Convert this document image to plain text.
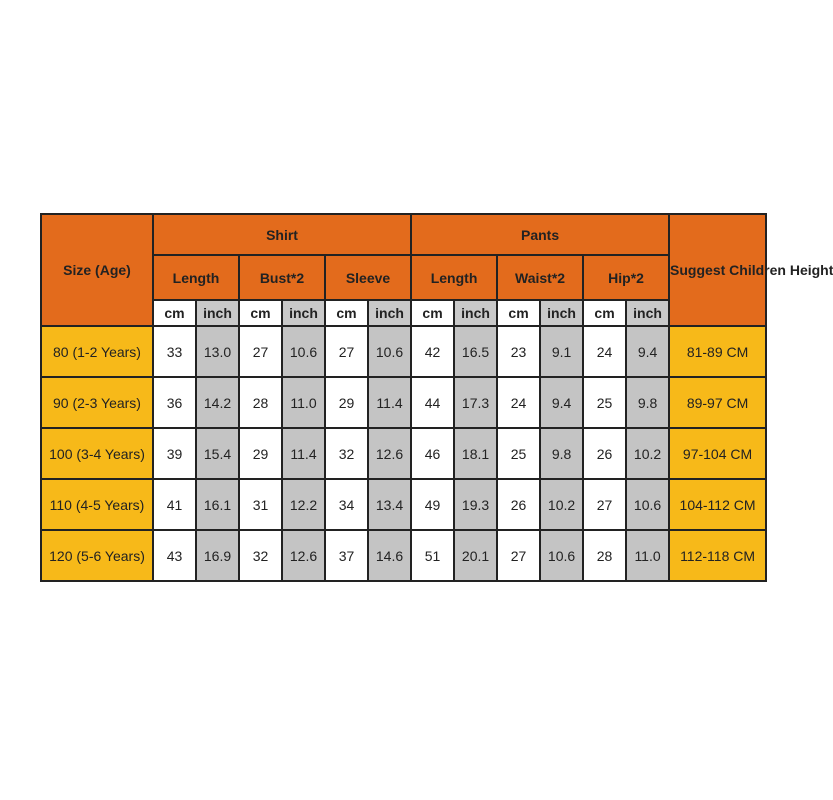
Size (Age)	Shirt						Pants						Suggest Children Height
	Length		Bust*2		Sleeve		Length		Waist*2		Hip*2		
	cm	inch	cm	inch	cm	inch	cm	inch	cm	inch	cm	inch	
80 (1-2 Years)	33	13.0	27	10.6	27	10.6	42	16.5	23	9.1	24	9.4	81-89 CM
90 (2-3 Years)	36	14.2	28	11.0	29	11.4	44	17.3	24	9.4	25	9.8	89-97 CM
100 (3-4 Years)	39	15.4	29	11.4	32	12.6	46	18.1	25	9.8	26	10.2	97-104 CM
110 (4-5 Years)	41	16.1	31	12.2	34	13.4	49	19.3	26	10.2	27	10.6	104-112 CM
120 (5-6 Years)	43	16.9	32	12.6	37	14.6	51	20.1	27	10.6	28	11.0	112-118 CM
